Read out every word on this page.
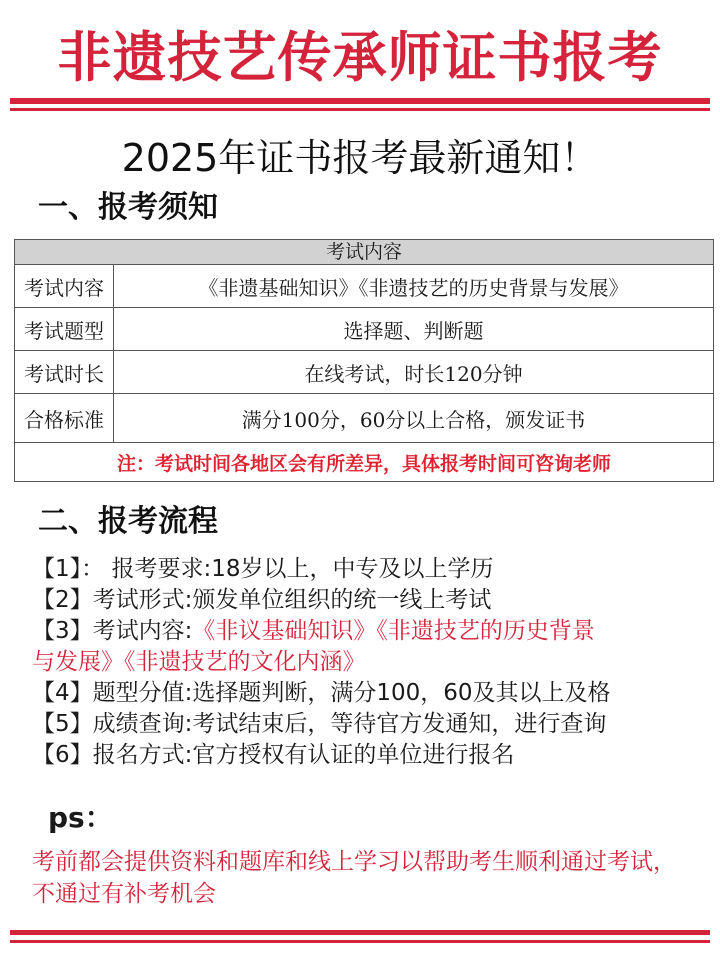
非遗技艺传承师证书报考
2025年证书报考最新通知！
一、报考须知
考试内容	
考试内容	《非遗基础知识》《非遗技艺的历史背景与发展》
考试题型	选择题、判断题
考试时长	在线考试，时长120分钟
合格标准	满分100分，60分以上合格，颁发证书
注：考试时间各地区会有所差异，具体报考时间可咨询老师	
二、报考流程
【1】： 报考要求:18岁以上，中专及以上学历
【2】考试形式:颁发单位组织的统一线上考试
【3】考试内容:《非议基础知识》《非遗技艺的历史背景
与发展》《非遗技艺的文化内涵》
【4】题型分值:选择题判断，满分100，60及其以上及格
【5】成绩查询:考试结束后，等待官方发通知，进行查询
【6】报名方式:官方授权有认证的单位进行报名
ps：
考前都会提供资料和题库和线上学习以帮助考生顺利通过考试，不通过有补考机会
